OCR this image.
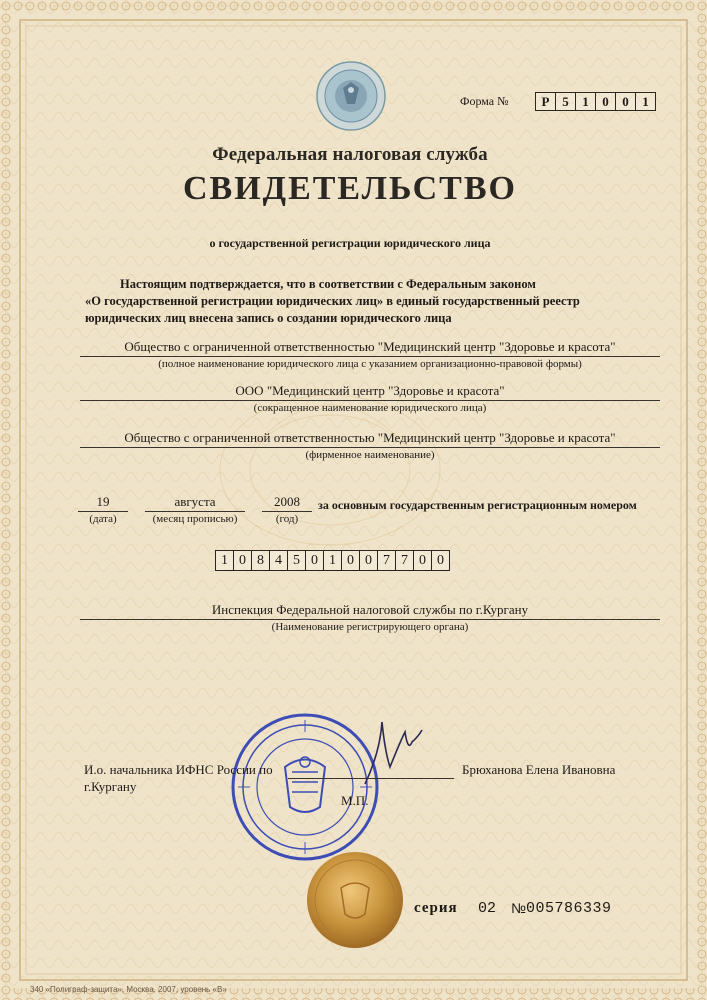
Форма №	Р 5	1	0	0	1
Федеральная налоговая служба
СВИДЕТЕЛЬСТВО
о государственной регистрации юридического лица
Настоящим подтверждается, что в соответствии с Федеральным законом
«О государственной регистрации юридических лиц» в единый государственный реестр
юридических лиц внесена запись о создании юридического лица
Общество с ограниченной ответственностью "Медицинский центр "Здоровье и красота"
(полное наименование юридического лица с указанием организационно-правовой формы)
ООО "Медицинский центр "Здоровье и красота"
(сокращенное наименование юридического лица)
Общество с ограниченной ответственностью "Медицинский центр "Здоровье и красота"
(фирменное наименование)
19
(дата)
августа
(месяц прописью)
2008
(год)
за основным государственным регистрационным номером
1 0 8 4 5 0 1 0 0 7 7 0 0
Инспекция Федеральной налоговой службы по г.Кургану
(Наименование регистрирующего органа)
И.о. начальника ИФНС России по
г.Кургану
М.П.
Брюханова Елена Ивановна
серия 02 № 005786339
340 «Полиграф-защита», Москва, 2007, уровень «В»
